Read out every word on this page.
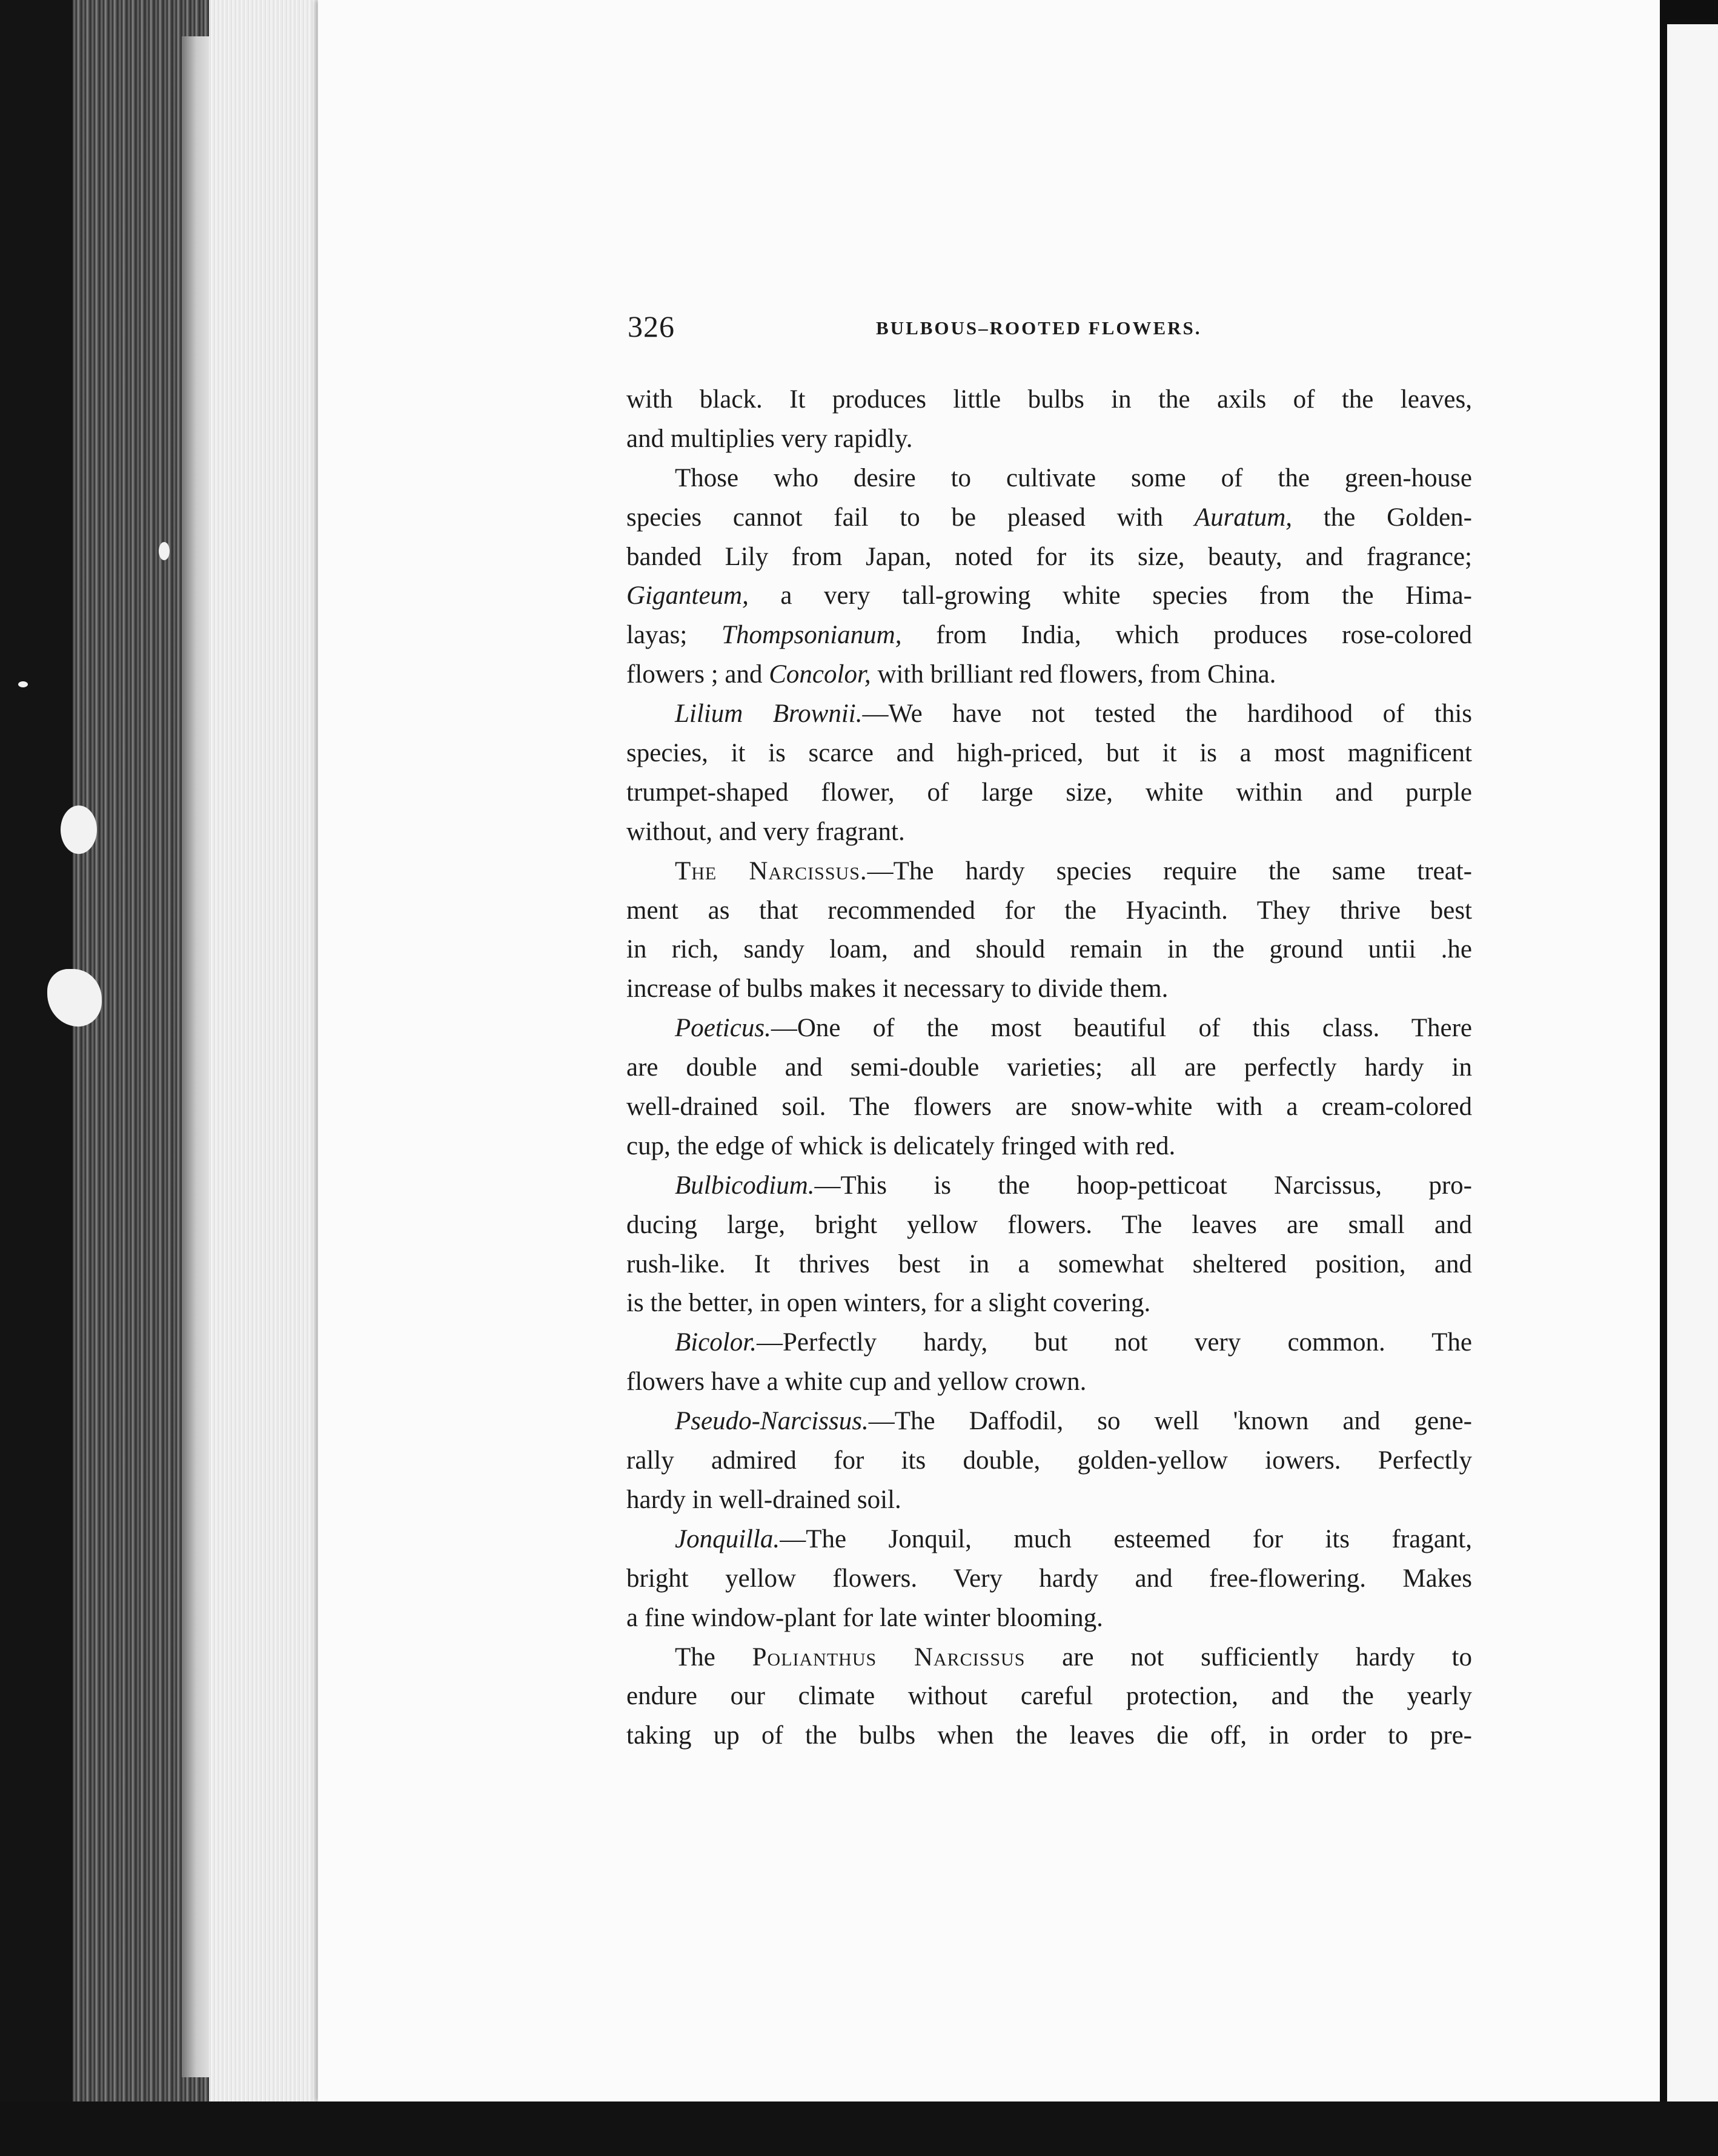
326	BULBOUS–ROOTED FLOWERS.
with black. It produces little bulbs in the axils of the leaves,
and multiplies very rapidly.
Those who desire to cultivate some of the green-house
species cannot fail to be pleased with Auratum, the Golden-
banded Lily from Japan, noted for its size, beauty, and fragrance;
Giganteum, a very tall-growing white species from the Hima-
layas; Thompsonianum, from India, which produces rose-colored
flowers ; and Concolor, with brilliant red flowers, from China.
Lilium Brownii.—We have not tested the hardihood of this
species, it is scarce and high-priced, but it is a most magnificent
trumpet-shaped flower, of large size, white within and purple
without, and very fragrant.
The Narcissus.—The hardy species require the same treat-
ment as that recommended for the Hyacinth. They thrive best
in rich, sandy loam, and should remain in the ground untii .he
increase of bulbs makes it necessary to divide them.
Poeticus.—One of the most beautiful of this class. There
are double and semi-double varieties; all are perfectly hardy in
well-drained soil. The flowers are snow-white with a cream-colored
cup, the edge of whick is delicately fringed with red.
Bulbicodium.—This is the hoop-petticoat Narcissus, pro-
ducing large, bright yellow flowers. The leaves are small and
rush-like. It thrives best in a somewhat sheltered position, and
is the better, in open winters, for a slight covering.
Bicolor.—Perfectly hardy, but not very common. The
flowers have a white cup and yellow crown.
Pseudo-Narcissus.—The Daffodil, so well 'known and gene-
rally admired for its double, golden-yellow iowers. Perfectly
hardy in well-drained soil.
Jonquilla.—The Jonquil, much esteemed for its fragant,
bright yellow flowers. Very hardy and free-flowering. Makes
a fine window-plant for late winter blooming.
The Polianthus Narcissus are not sufficiently hardy to
endure our climate without careful protection, and the yearly
taking up of the bulbs when the leaves die off, in order to pre-
